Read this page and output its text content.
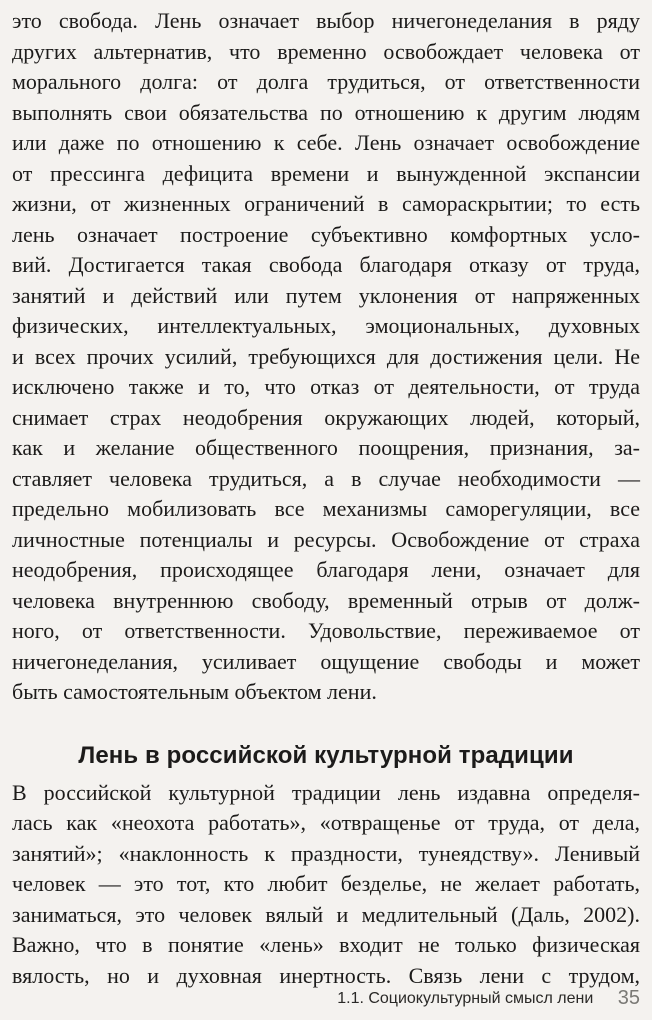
это свобода. Лень означает выбор ничегонеделания в ряду
других альтернатив, что временно освобождает человека от
морального долга: от долга трудиться, от ответственности
выполнять свои обязательства по отношению к другим людям
или даже по отношению к себе. Лень означает освобождение
от прессинга дефицита времени и вынужденной экспансии
жизни, от жизненных ограничений в самораскрытии; то есть
лень означает построение субъективно комфортных усло-
вий. Достигается такая свобода благодаря отказу от труда,
занятий и действий или путем уклонения от напряженных
физических, интеллектуальных, эмоциональных, духовных
и всех прочих усилий, требующихся для достижения цели. Не
исключено также и то, что отказ от деятельности, от труда
снимает страх неодобрения окружающих людей, который,
как и желание общественного поощрения, признания, за-
ставляет человека трудиться, а в случае необходимости —
предельно мобилизовать все механизмы саморегуляции, все
личностные потенциалы и ресурсы. Освобождение от страха
неодобрения, происходящее благодаря лени, означает для
человека внутреннюю свободу, временный отрыв от долж-
ного, от ответственности. Удовольствие, переживаемое от
ничегонеделания, усиливает ощущение свободы и может
быть самостоятельным объектом лени.
Лень в российской культурной традиции
В российской культурной традиции лень издавна определя-
лась как «неохота работать», «отвращенье от труда, от дела,
занятий»; «наклонность к праздности, тунеядству». Ленивый
человек — это тот, кто любит безделье, не желает работать,
заниматься, это человек вялый и медлительный (Даль, 2002).
Важно, что в понятие «лень» входит не только физическая
вялость, но и духовная инертность. Связь лени с трудом,
1.1. Социокультурный смысл лени 35
